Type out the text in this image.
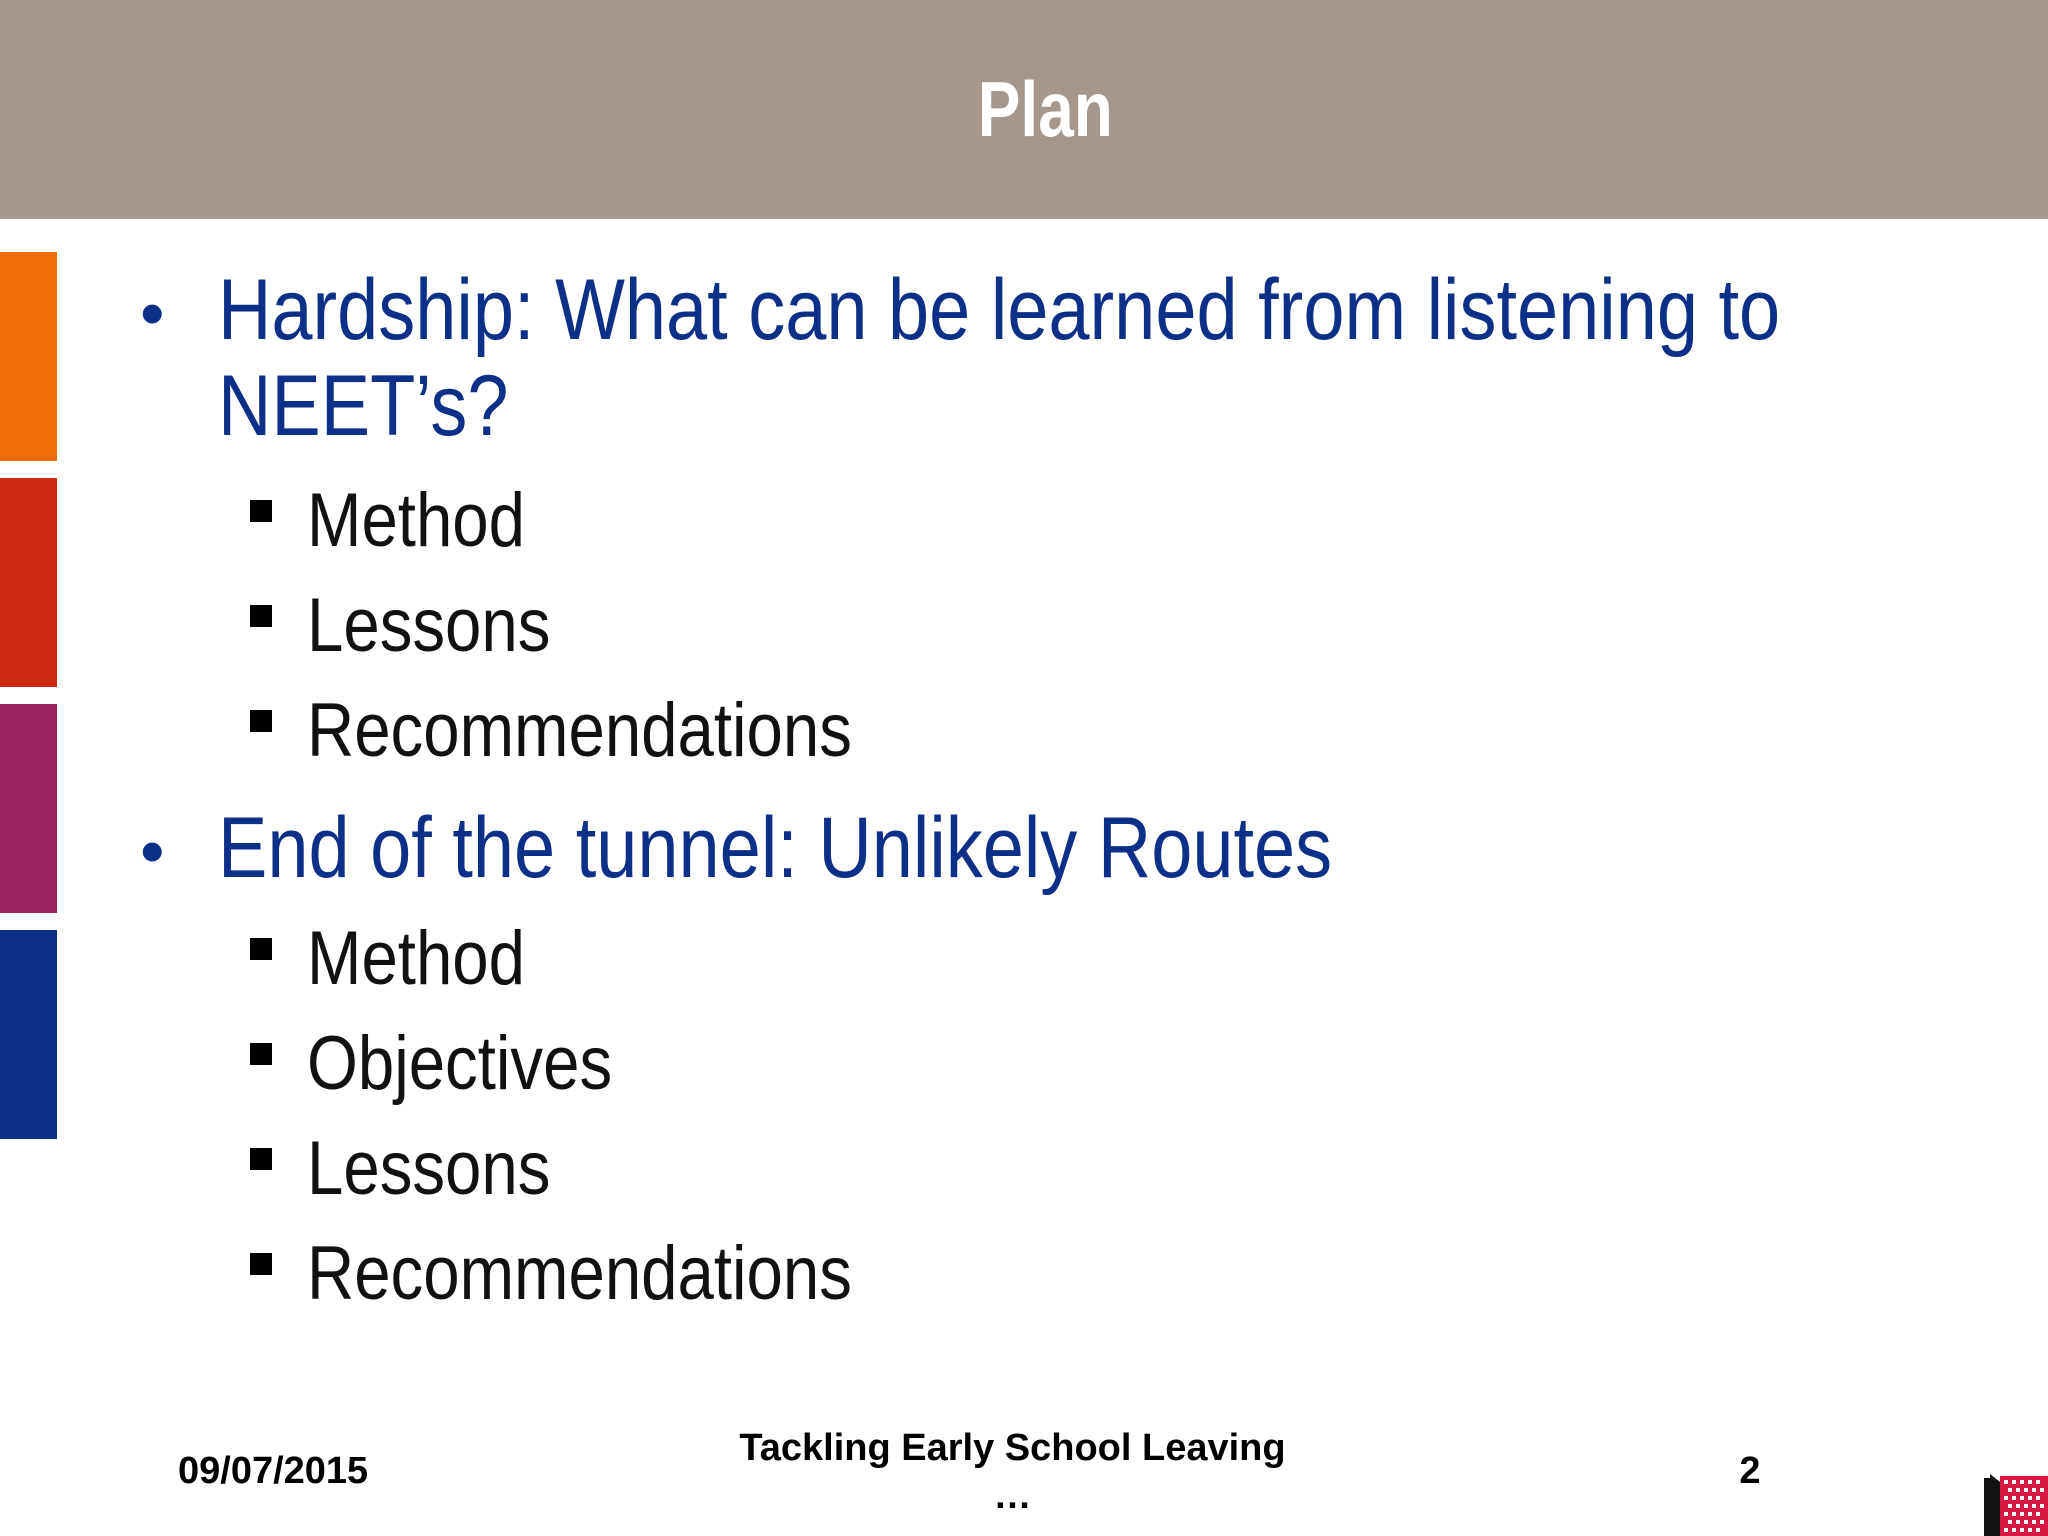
Plan
• Hardship: What can be learned from listening to
NEET’s?
Method
Lessons
Recommendations
• End of the tunnel: Unlikely Routes
Method
Objectives
Lessons
Recommendations
09/07/2015
Tackling Early School Leaving
…
2
